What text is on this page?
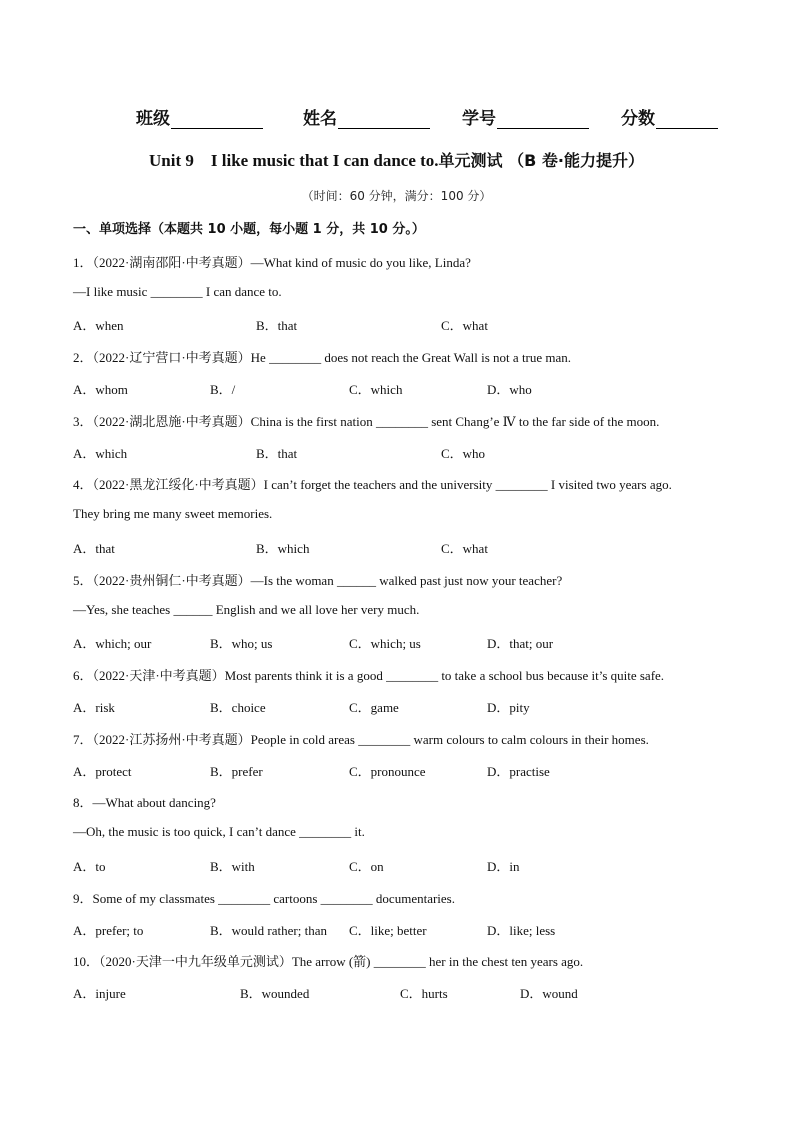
班级	姓名	学号	分数
Unit 9 I like music that I can dance to.单元测试 （B 卷·能力提升）
（时间：60 分钟，满分：100 分）
一、单项选择（本题共 10 小题，每小题 1 分，共 10 分。）
1．（2022·湖南邵阳·中考真题）—What kind of music do you like, Linda?
—I like music ________ I can dance to.
A．when	B．that	C．what
2．（2022·辽宁营口·中考真题）He ________ does not reach the Great Wall is not a true man.
A．whom	B．/	C．which	D．who
3．（2022·湖北恩施·中考真题）China is the first nation ________ sent Chang’e Ⅳ to the far side of the moon.
A．which	B．that	C．who
4．（2022·黑龙江绥化·中考真题）I can’t forget the teachers and the university ________ I visited two years ago.
They bring me many sweet memories.
A．that	B．which	C．what
5．（2022·贵州铜仁·中考真题）—Is the woman ______ walked past just now your teacher?
—Yes, she teaches ______ English and we all love her very much.
A．which; our	B．who; us	C．which; us	D．that; our
6．（2022·天津·中考真题）Most parents think it is a good ________ to take a school bus because it’s quite safe.
A．risk	B．choice	C．game	D．pity
7．（2022·江苏扬州·中考真题）People in cold areas ________ warm colours to calm colours in their homes.
A．protect	B．prefer	C．pronounce	D．practise
8．—What about dancing?
—Oh, the music is too quick, I can’t dance ________ it.
A．to	B．with	C．on	D．in
9．Some of my classmates ________ cartoons ________ documentaries.
A．prefer; to	B．would rather; than C．like; better	D．like; less
10．（2020·天津一中九年级单元测试）The arrow (箭) ________ her in the chest ten years ago.
A．injure	B．wounded	C．hurts	D．wound
